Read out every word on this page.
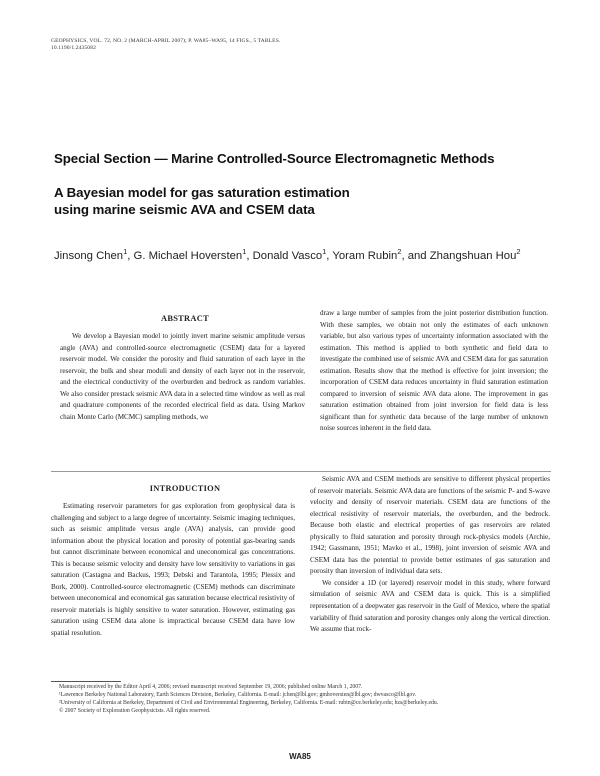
GEOPHYSICS, VOL. 72, NO. 2 (MARCH-APRIL 2007); P. WA85–WA95, 14 FIGS., 5 TABLES.
10.1190/1.2435082
Special Section — Marine Controlled-Source Electromagnetic Methods
A Bayesian model for gas saturation estimation
using marine seismic AVA and CSEM data
Jinsong Chen$^1$, G. Michael Hoversten$^1$, Donald Vasco$^1$, Yoram Rubin$^2$, and Zhangshuan Hou$^2$
ABSTRACT
We develop a Bayesian model to jointly invert marine seismic amplitude versus angle (AVA) and controlled-source electromagnetic (CSEM) data for a layered reservoir model. We consider the porosity and fluid saturation of each layer in the reservoir, the bulk and shear moduli and density of each layer not in the reservoir, and the electrical conductivity of the overburden and bedrock as random variables. We also consider prestack seismic AVA data in a selected time window as well as real and quadrature components of the recorded electrical field as data. Using Markov chain Monte Carlo (MCMC) sampling methods, we
draw a large number of samples from the joint posterior distribution function. With these samples, we obtain not only the estimates of each unknown variable, but also various types of uncertainty information associated with the estimation. This method is applied to both synthetic and field data to investigate the combined use of seismic AVA and CSEM data for gas saturation estimation. Results show that the method is effective for joint inversion; the incorporation of CSEM data reduces uncertainty in fluid saturation estimation compared to inversion of seismic AVA data alone. The improvement in gas saturation estimation obtained from joint inversion for field data is less significant than for synthetic data because of the large number of unknown noise sources inherent in the field data.
INTRODUCTION
Estimating reservoir parameters for gas exploration from geophysical data is challenging and subject to a large degree of uncertainty. Seismic imaging techniques, such as seismic amplitude versus angle (AVA) analysis, can provide good information about the physical location and porosity of potential gas-bearing sands but cannot discriminate between economical and uneconomical gas concentrations. This is because seismic velocity and density have low sensitivity to variations in gas saturation (Castagna and Backus, 1993; Debski and Tarantola, 1995; Plessix and Bork, 2000). Controlled-source electromagnetic (CSEM) methods can discriminate between uneconomical and economical gas saturation because electrical resistivity of reservoir materials is highly sensitive to water saturation. However, estimating gas saturation using CSEM data alone is impractical because CSEM data have low spatial resolution.

Seismic AVA and CSEM methods are sensitive to different physical properties of reservoir materials. Seismic AVA data are functions of the seismic P- and S-wave velocity and density of reservoir materials. CSEM data are functions of the electrical resistivity of reservoir materials, the overburden, and the bedrock. Because both elastic and electrical properties of gas reservoirs are related physically to fluid saturation and porosity through rock-physics models (Archie, 1942; Gassmann, 1951; Mavko et al., 1998), joint inversion of seismic AVA and CSEM data has the potential to provide better estimates of gas saturation and porosity than inversion of individual data sets.

We consider a 1D (or layered) reservoir model in this study, where forward simulation of seismic AVA and CSEM data is quick. This is a simplified representation of a deepwater gas reservoir in the Gulf of Mexico, where the spatial variability of fluid saturation and porosity changes only along the vertical direction. We assume that rock-

Manuscript received by the Editor April 4, 2006; revised manuscript received September 19, 2006; published online March 1, 2007.
¹Lawrence Berkeley National Laboratory, Earth Sciences Division, Berkeley, California. E-mail: jchen@lbl.gov; gmhoversten@lbl.gov; dwvasco@lbl.gov.
²University of California at Berkeley, Department of Civil and Environmental Engineering, Berkeley, California. E-mail: rubin@ce.berkeley.edu; hzs@berkeley.edu.
© 2007 Society of Exploration Geophysicists. All rights reserved.
WA85
